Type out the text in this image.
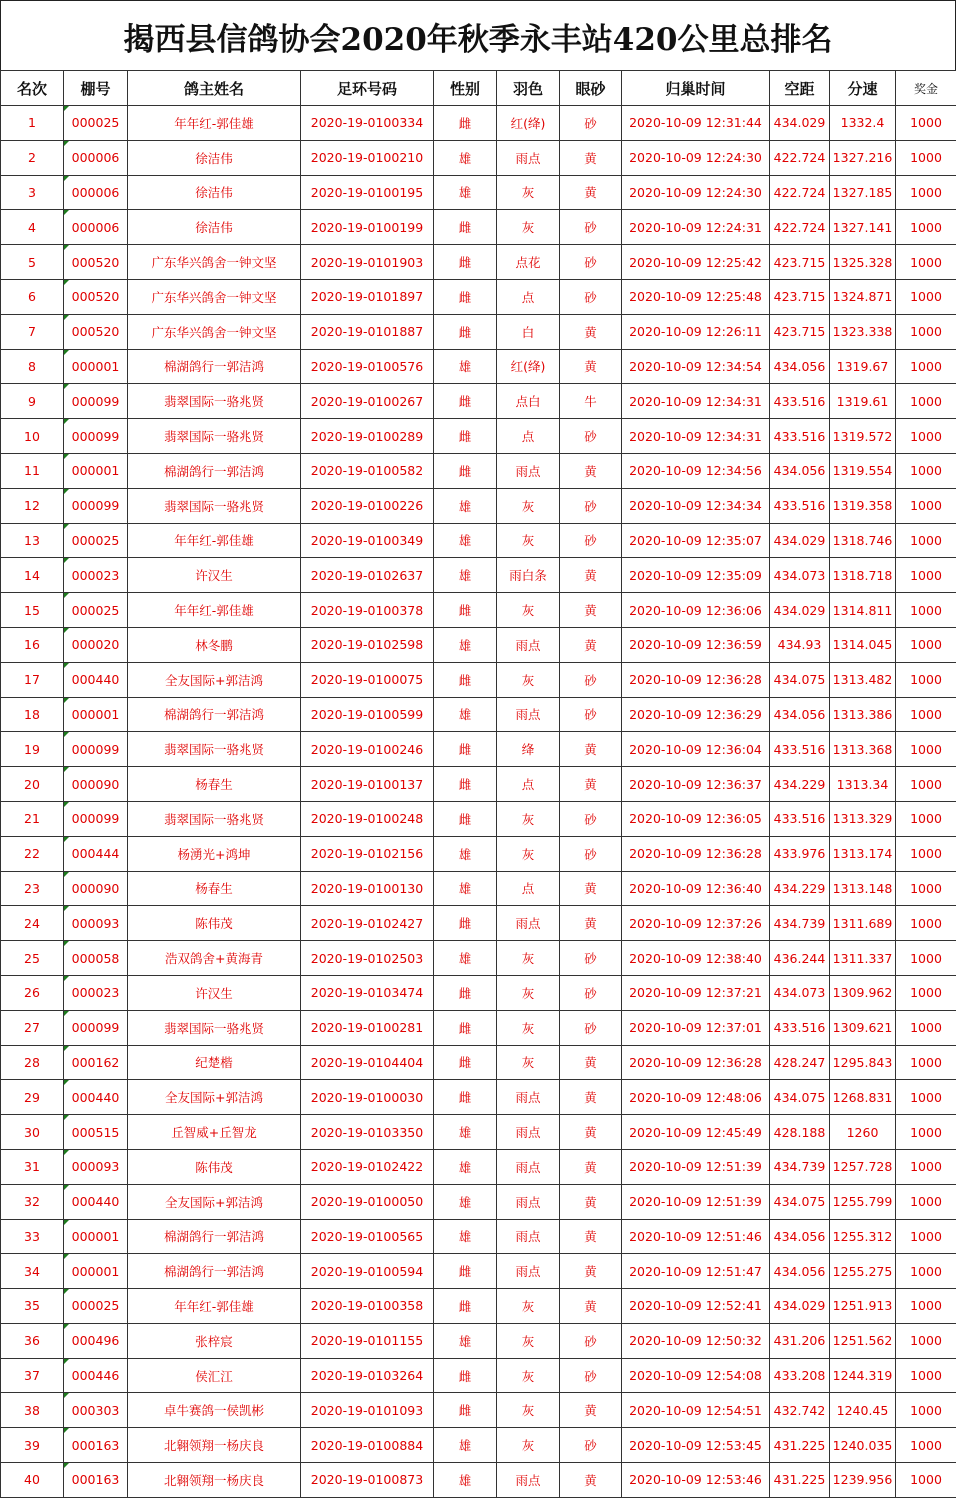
揭西县信鸽协会2020年秋季永丰站420公里总排名
名次	棚号	鸽主姓名	足环号码	性别	羽色	眼砂	归巢时间	空距	分速	奖金
1	000025	年年红-郭佳雄	2020-19-0100334	雌	红(绛)	砂	2020-10-09 12:31:44	434.029	1332.4	1000
2	000006	徐洁伟	2020-19-0100210	雄	雨点	黄	2020-10-09 12:24:30	422.724	1327.216	1000
3	000006	徐洁伟	2020-19-0100195	雄	灰	黄	2020-10-09 12:24:30	422.724	1327.185	1000
4	000006	徐洁伟	2020-19-0100199	雌	灰	砂	2020-10-09 12:24:31	422.724	1327.141	1000
5	000520	广东华兴鸽舍一钟文坚	2020-19-0101903	雌	点花	砂	2020-10-09 12:25:42	423.715	1325.328	1000
6	000520	广东华兴鸽舍一钟文坚	2020-19-0101897	雌	点	砂	2020-10-09 12:25:48	423.715	1324.871	1000
7	000520	广东华兴鸽舍一钟文坚	2020-19-0101887	雌	白	黄	2020-10-09 12:26:11	423.715	1323.338	1000
8	000001	棉湖鸽行一郭洁鸿	2020-19-0100576	雄	红(绛)	黄	2020-10-09 12:34:54	434.056	1319.67	1000
9	000099	翡翠国际一骆兆贤	2020-19-0100267	雌	点白	牛	2020-10-09 12:34:31	433.516	1319.61	1000
10	000099	翡翠国际一骆兆贤	2020-19-0100289	雌	点	砂	2020-10-09 12:34:31	433.516	1319.572	1000
11	000001	棉湖鸽行一郭洁鸿	2020-19-0100582	雌	雨点	黄	2020-10-09 12:34:56	434.056	1319.554	1000
12	000099	翡翠国际一骆兆贤	2020-19-0100226	雄	灰	砂	2020-10-09 12:34:34	433.516	1319.358	1000
13	000025	年年红-郭佳雄	2020-19-0100349	雄	灰	砂	2020-10-09 12:35:07	434.029	1318.746	1000
14	000023	许汉生	2020-19-0102637	雄	雨白条	黄	2020-10-09 12:35:09	434.073	1318.718	1000
15	000025	年年红-郭佳雄	2020-19-0100378	雌	灰	黄	2020-10-09 12:36:06	434.029	1314.811	1000
16	000020	林冬鹏	2020-19-0102598	雄	雨点	黄	2020-10-09 12:36:59	434.93	1314.045	1000
17	000440	全友国际+郭洁鸿	2020-19-0100075	雌	灰	砂	2020-10-09 12:36:28	434.075	1313.482	1000
18	000001	棉湖鸽行一郭洁鸿	2020-19-0100599	雄	雨点	砂	2020-10-09 12:36:29	434.056	1313.386	1000
19	000099	翡翠国际一骆兆贤	2020-19-0100246	雌	绛	黄	2020-10-09 12:36:04	433.516	1313.368	1000
20	000090	杨春生	2020-19-0100137	雌	点	黄	2020-10-09 12:36:37	434.229	1313.34	1000
21	000099	翡翠国际一骆兆贤	2020-19-0100248	雌	灰	砂	2020-10-09 12:36:05	433.516	1313.329	1000
22	000444	杨湧光+鸿坤	2020-19-0102156	雄	灰	砂	2020-10-09 12:36:28	433.976	1313.174	1000
23	000090	杨春生	2020-19-0100130	雄	点	黄	2020-10-09 12:36:40	434.229	1313.148	1000
24	000093	陈伟茂	2020-19-0102427	雌	雨点	黄	2020-10-09 12:37:26	434.739	1311.689	1000
25	000058	浩双鸽舍+黄海青	2020-19-0102503	雄	灰	砂	2020-10-09 12:38:40	436.244	1311.337	1000
26	000023	许汉生	2020-19-0103474	雌	灰	砂	2020-10-09 12:37:21	434.073	1309.962	1000
27	000099	翡翠国际一骆兆贤	2020-19-0100281	雌	灰	砂	2020-10-09 12:37:01	433.516	1309.621	1000
28	000162	纪楚楷	2020-19-0104404	雌	灰	黄	2020-10-09 12:36:28	428.247	1295.843	1000
29	000440	全友国际+郭洁鸿	2020-19-0100030	雌	雨点	黄	2020-10-09 12:48:06	434.075	1268.831	1000
30	000515	丘智威+丘智龙	2020-19-0103350	雄	雨点	黄	2020-10-09 12:45:49	428.188	1260	1000
31	000093	陈伟茂	2020-19-0102422	雄	雨点	黄	2020-10-09 12:51:39	434.739	1257.728	1000
32	000440	全友国际+郭洁鸿	2020-19-0100050	雄	雨点	黄	2020-10-09 12:51:39	434.075	1255.799	1000
33	000001	棉湖鸽行一郭洁鸿	2020-19-0100565	雄	雨点	黄	2020-10-09 12:51:46	434.056	1255.312	1000
34	000001	棉湖鸽行一郭洁鸿	2020-19-0100594	雌	雨点	黄	2020-10-09 12:51:47	434.056	1255.275	1000
35	000025	年年红-郭佳雄	2020-19-0100358	雌	灰	黄	2020-10-09 12:52:41	434.029	1251.913	1000
36	000496	张梓宸	2020-19-0101155	雄	灰	砂	2020-10-09 12:50:32	431.206	1251.562	1000
37	000446	侯汇江	2020-19-0103264	雌	灰	砂	2020-10-09 12:54:08	433.208	1244.319	1000
38	000303	卓牛赛鸽一侯凯彬	2020-19-0101093	雌	灰	黄	2020-10-09 12:54:51	432.742	1240.45	1000
39	000163	北翱领翔一杨庆良	2020-19-0100884	雄	灰	砂	2020-10-09 12:53:45	431.225	1240.035	1000
40	000163	北翱领翔一杨庆良	2020-19-0100873	雄	雨点	黄	2020-10-09 12:53:46	431.225	1239.956	1000
